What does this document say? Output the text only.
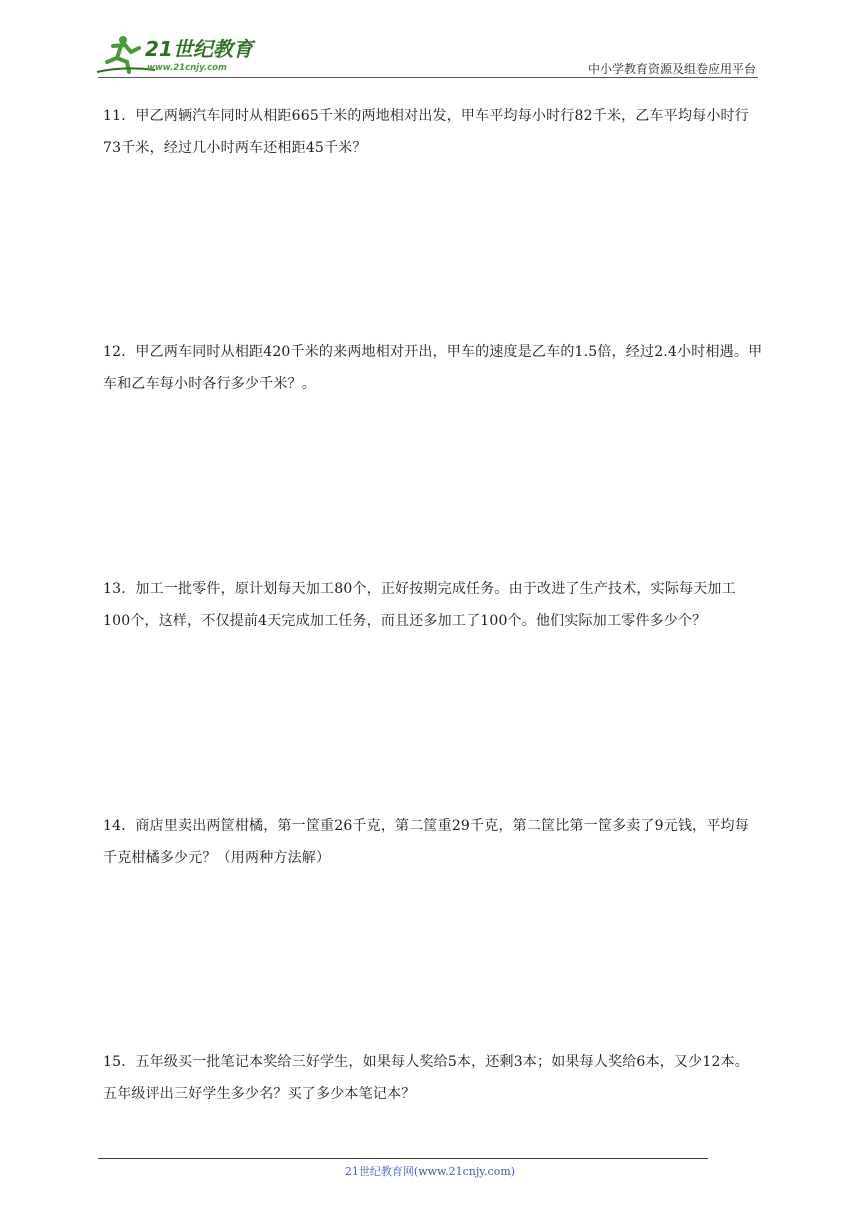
21世纪教育
www.21cnjy.com	中小学教育资源及组卷应用平台
11．甲乙两辆汽车同时从相距665千米的两地相对出发，甲车平均每小时行82千米，乙车平均每小时行73千米，经过几小时两车还相距45千米？
12．甲乙两车同时从相距420千米的来两地相对开出，甲车的速度是乙车的1.5倍，经过2.4小时相遇。甲车和乙车每小时各行多少千米？。
13．加工一批零件，原计划每天加工80个，正好按期完成任务。由于改进了生产技术，实际每天加工100个，这样，不仅提前4天完成加工任务，而且还多加工了100个。他们实际加工零件多少个？
14．商店里卖出两筐柑橘，第一筐重26千克，第二筐重29千克，第二筐比第一筐多卖了9元钱，平均每千克柑橘多少元？（用两种方法解）
15．五年级买一批笔记本奖给三好学生，如果每人奖给5本，还剩3本；如果每人奖给6本，又少12本。五年级评出三好学生多少名？买了多少本笔记本？
21世纪教育网(www.21cnjy.com)
